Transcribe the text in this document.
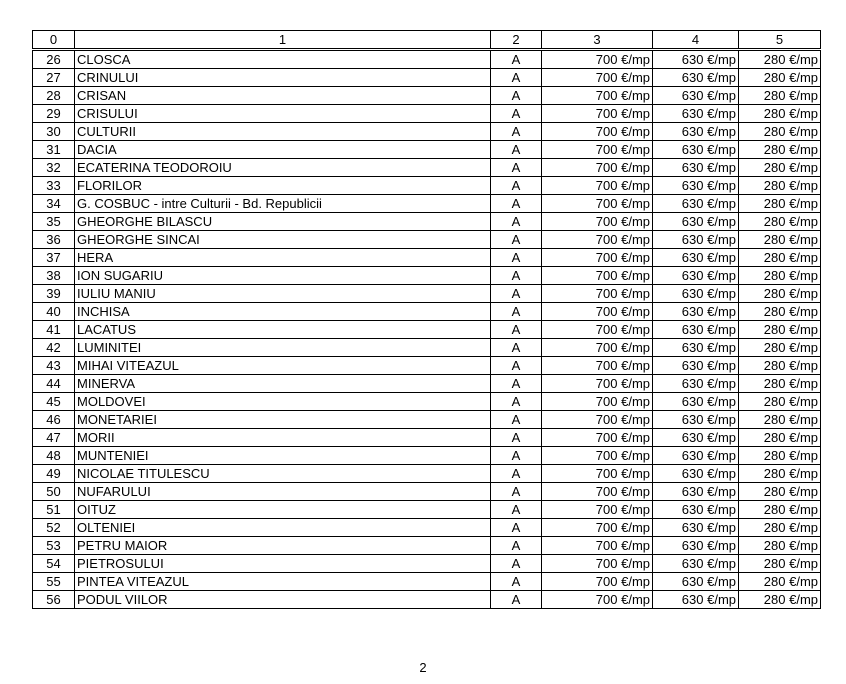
0	1	2	3	4	5
26	CLOSCA	A	700 €/mp	630 €/mp	280 €/mp
27	CRINULUI	A	700 €/mp	630 €/mp	280 €/mp
28	CRISAN	A	700 €/mp	630 €/mp	280 €/mp
29	CRISULUI	A	700 €/mp	630 €/mp	280 €/mp
30	CULTURII	A	700 €/mp	630 €/mp	280 €/mp
31	DACIA	A	700 €/mp	630 €/mp	280 €/mp
32	ECATERINA TEODOROIU	A	700 €/mp	630 €/mp	280 €/mp
33	FLORILOR	A	700 €/mp	630 €/mp	280 €/mp
34	G. COSBUC - intre Culturii - Bd. Republicii	A	700 €/mp	630 €/mp	280 €/mp
35	GHEORGHE BILASCU	A	700 €/mp	630 €/mp	280 €/mp
36	GHEORGHE SINCAI	A	700 €/mp	630 €/mp	280 €/mp
37	HERA	A	700 €/mp	630 €/mp	280 €/mp
38	ION SUGARIU	A	700 €/mp	630 €/mp	280 €/mp
39	IULIU MANIU	A	700 €/mp	630 €/mp	280 €/mp
40	INCHISA	A	700 €/mp	630 €/mp	280 €/mp
41	LACATUS	A	700 €/mp	630 €/mp	280 €/mp
42	LUMINITEI	A	700 €/mp	630 €/mp	280 €/mp
43	MIHAI VITEAZUL	A	700 €/mp	630 €/mp	280 €/mp
44	MINERVA	A	700 €/mp	630 €/mp	280 €/mp
45	MOLDOVEI	A	700 €/mp	630 €/mp	280 €/mp
46	MONETARIEI	A	700 €/mp	630 €/mp	280 €/mp
47	MORII	A	700 €/mp	630 €/mp	280 €/mp
48	MUNTENIEI	A	700 €/mp	630 €/mp	280 €/mp
49	NICOLAE TITULESCU	A	700 €/mp	630 €/mp	280 €/mp
50	NUFARULUI	A	700 €/mp	630 €/mp	280 €/mp
51	OITUZ	A	700 €/mp	630 €/mp	280 €/mp
52	OLTENIEI	A	700 €/mp	630 €/mp	280 €/mp
53	PETRU MAIOR	A	700 €/mp	630 €/mp	280 €/mp
54	PIETROSULUI	A	700 €/mp	630 €/mp	280 €/mp
55	PINTEA VITEAZUL	A	700 €/mp	630 €/mp	280 €/mp
56	PODUL VIILOR	A	700 €/mp	630 €/mp	280 €/mp
2
